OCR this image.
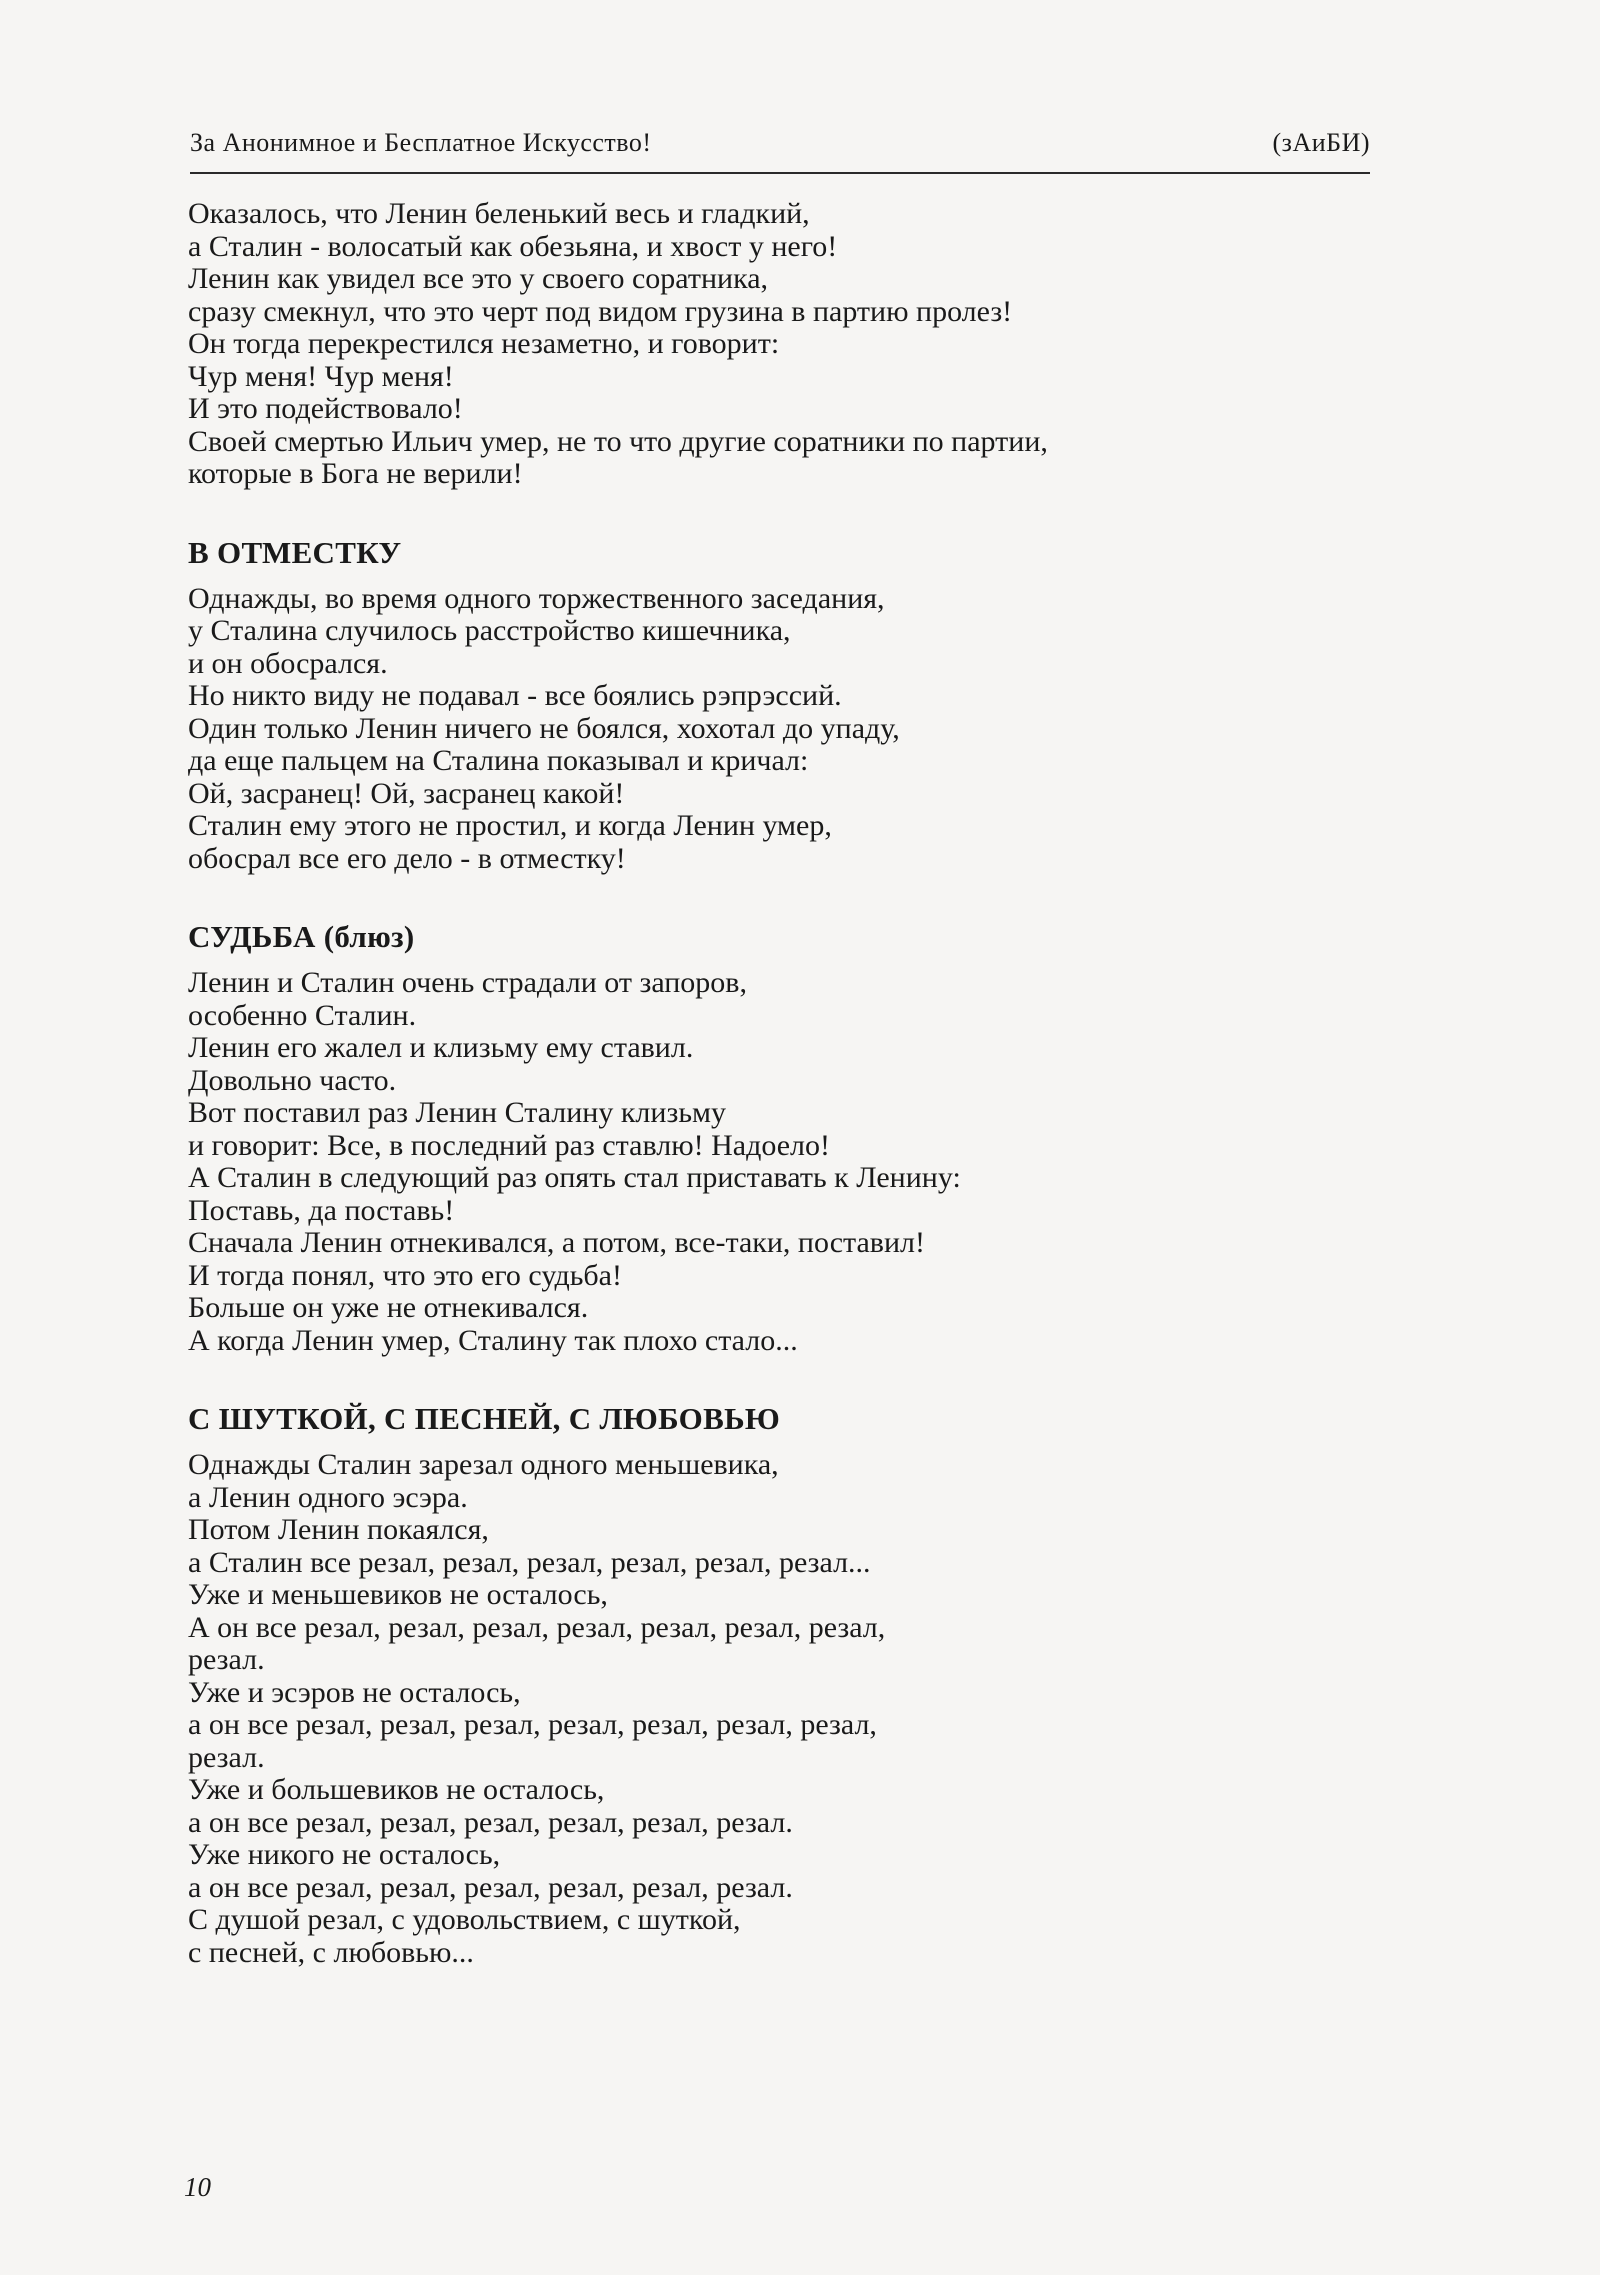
За Анонимное и Бесплатное Искусство!	(зАиБИ)
Оказалось, что Ленин беленький весь и гладкий,
а Сталин - волосатый как обезьяна, и хвост у него!
Ленин как увидел все это у своего соратника,
сразу смекнул, что это черт под видом грузина в партию пролез!
Он тогда перекрестился незаметно, и говорит:
Чур меня! Чур меня!
И это подействовало!
Своей смертью Ильич умер, не то что другие соратники по партии,
которые в Бога не верили!
В ОТМЕСТКУ
Однажды, во время одного торжественного заседания,
у Сталина случилось расстройство кишечника,
и он обосрался.
Но никто виду не подавал - все боялись рэпрэссий.
Один только Ленин ничего не боялся, хохотал до упаду,
да еще пальцем на Сталина показывал и кричал:
Ой, засранец! Ой, засранец какой!
Сталин ему этого не простил, и когда Ленин умер,
обосрал все его дело - в отместку!
СУДЬБА (блюз)
Ленин и Сталин очень страдали от запоров,
особенно Сталин.
Ленин его жалел и клизьму ему ставил.
Довольно часто.
Вот поставил раз Ленин Сталину клизьму
и говорит: Все, в последний раз ставлю! Надоело!
А Сталин в следующий раз опять стал приставать к Ленину:
Поставь, да поставь!
Сначала Ленин отнекивался, а потом, все-таки, поставил!
И тогда понял, что это его судьба!
Больше он уже не отнекивался.
А когда Ленин умер, Сталину так плохо стало...
С ШУТКОЙ, С ПЕСНЕЙ, С ЛЮБОВЬЮ
Однажды Сталин зарезал одного меньшевика,
а Ленин одного эсэра.
Потом Ленин покаялся,
а Сталин все резал, резал, резал, резал, резал, резал...
Уже и меньшевиков не осталось,
А он все резал, резал, резал, резал, резал, резал, резал,
резал.
Уже и эсэров не осталось,
а он все резал, резал, резал, резал, резал, резал, резал,
резал.
Уже и большевиков не осталось,
а он все резал, резал, резал, резал, резал, резал.
Уже никого не осталось,
а он все резал, резал, резал, резал, резал, резал.
С душой резал, с удовольствием, с шуткой,
с песней, с любовью...
10
